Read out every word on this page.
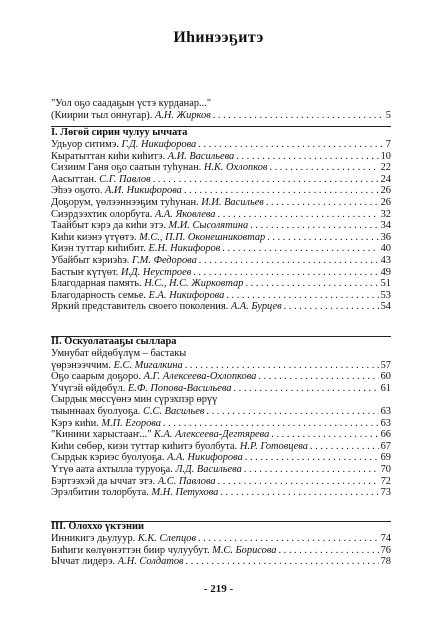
Иһинээҕитэ
"Уол оҕо саадаҕын үстэ курданар..."
(Киирии тыл оннугар). А.Н. Жирков . . .	5
I. Лөгөй сирин чулуу ыччата
Удьуор ситимэ. Г.Д. Никифорова . . .	7
Кыратыттан киһи киһитэ. А.И. Васильева . . .	10
Сизиим Ганя оҕо саатын туһунан. Н.К. Охлопков . . .	22
Аасыттан. С.Г. Павлов . . .	24
Эһээ оҕото. А.И. Никифорова . . .	26
Доҕорум, үөлээннээҕим туһунан. И.И. Васильев . . .	26
Сиэрдээхтик олорбута. А.А. Яковлева . . .	32
Таайбыт кэрэ да киһи этэ. М.И. Сысолятина . . .	34
Киһи киэнэ үтүөтэ. М.С., П.П. Оконешниковтар . . .	36
Киэн туттар киһибит. Е.Н. Никифоров . . .	40
Убайбыт кэриэһэ. Г.М. Федорова . . .	43
Бастыҥ күтүөт. И.Д. Неустроев . . .	49
Благодарная память. Н.С., Н.С. Жирковтар . . .	51
Благодарность семье. Е.А. Никифорова . . .	53
Яркий представитель своего поколения. А.А. Бурцев . . .	54
II. Оскуолатааҕы сыллара
Умнубат өйдөбүлүм – бастакы
үөрэнээччим. Е.С. Мигалкина . . .	57
Оҕо саарым доҕоро. А.Г. Алексеева-Охлопкова . . .	60
Үчүгэй өйдөбүл. Е.Ф. Попова-Васильева . . .	61
Сырдык мөссүөнэ мин сүрэхпэр өрүү
тыыннаах буолуоҕа. С.С. Васильев . . .	63
Кэрэ киһи. М.П. Егорова . . .	63
"Кинини харыстааҥ..." К.А. Алексеева-Дегтярева . . .	66
Киһи сөбөр, киэн туттар киһитэ буолбута. Н.Р. Готовцева . . .	67
Сырдык кэриэс буолуоҕа. А.А. Никифорова . . .	69
Үтүө аата ахтылла туруоҕа. Л.Д. Васильева . . .	70
Бэртээхэй да ыччат этэ. А.С. Павлова . . .	72
Эрэлбитин толорбута. М.Н. Петухова . . .	73
III. Олоххо үктэнии
Инникигэ дьулуур. К.К. Слепцов . . .	74
Биһиги көлүөнэттэн биир чулуубут. М.С. Борисова . . .	76
Ыччат лидерэ. А.Н. Солдатов . . .	78
- 219 -
